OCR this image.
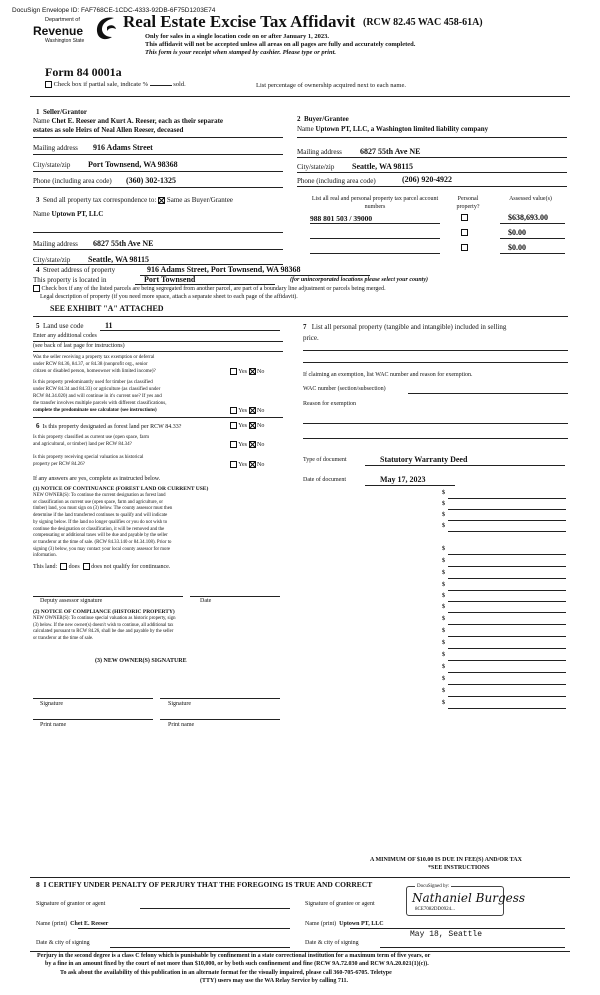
DocuSign Envelope ID: FAF768CE-1CDC-4333-92DB-6F75D1203E74
Department of
Revenue
Washington State
Real Estate Excise Tax Affidavit (RCW 82.45 WAC 458-61A)
Only for sales in a single location code on or after January 1, 2023.
This affidavit will not be accepted unless all areas on all pages are fully and accurately completed.
This form is your receipt when stamped by cashier. Please type or print.
Form 84 0001a
Check box if partial sale, indicate %	sold.	List percentage of ownership acquired next to each name.
1 Seller/Grantor
Name Chet E. Reeser and Kurt A. Reeser, each as their separate
estates as sole Heirs of Neal Allen Reeser, deceased
Mailing address 916 Adams Street
City/state/zip Port Townsend, WA 98368
Phone (including area code) (360) 302-1325
2 Buyer/Grantee
Name Uptown PT, LLC, a Washington limited liability company
Mailing address 6827 55th Ave NE
City/state/zip Seattle, WA 98115
Phone (including area code)	(206) 920-4922
3 Send all property tax correspondence to: Same as Buyer/Grantee
Name Uptown PT, LLC
Mailing address 6827 55th Ave NE
City/state/zip Seattle, WA 98115
List all real and personal property tax parcel account numbers
Personal property?
Assessed value(s)
988 801 503 / 39000	$638,693.00
$0.00
$0.00
4 Street address of property	916 Adams Street, Port Townsend, WA 98368
This property is located in	Port Townsend	(for unincorporated locations please select your county)
Check box if any of the listed parcels are being segregated from another parcel, are part of a boundary line adjustment or parcels being merged.
Legal description of property (if you need more space, attach a separate sheet to each page of the affidavit).
SEE EXHIBIT "A" ATTACHED
5 Land use code	11
Enter any additional codes
(see back of last page for instructions)
Was the seller receiving a property tax exemption or deferral
under RCW 84.36, 84.37, or 84.38 (nonprofit org., senior
citizen or disabled person, homeowner with limited income)?	Yes No
Is this property predominantly used for timber (as classified
under RCW 84.34 and 84.33) or agriculture (as classified under
RCW 84.34.020) and will continue in it's current use? If yes and
the transfer involves multiple parcels with different classifications,
complete the predominate use calculator (see instructions)	Yes No
6 Is this property designated as forest land per RCW 84.33?	Yes No
Is this property classified as current use (open space, farm
and agricultural, or timber) land per RCW 84.34?	Yes No
Is this property receiving special valuation as historical
property per RCW 84.26?	Yes No
If any answers are yes, complete as instructed below.
(1) NOTICE OF CONTINUANCE (FOREST LAND OR CURRENT USE)
NEW OWNER(S): To continue the current designation as forest land
or classification as current use (open space, farm and agriculture, or
timber) land, you must sign on (3) below. The county assessor must then
determine if the land transferred continues to qualify and will indicate
by signing below. If the land no longer qualifies or you do not wish to
continue the designation or classification, it will be removed and the
compensating or additional taxes will be due and payable by the seller
or transferor at the time of sale. (RCW 84.33.140 or 84.34.108). Prior to
signing (3) below, you may contact your local county assessor for more
information.
This land: does does not qualify for continuance.
Deputy assessor signature	Date
(2) NOTICE OF COMPLIANCE (HISTORIC PROPERTY)
NEW OWNER(S): To continue special valuation as historic property, sign
(3) below. If the new owner(s) doesn't wish to continue, all additional tax
calculated pursuant to RCW 84.26, shall be due and payable by the seller
or transferor at the time of sale.
(3) NEW OWNER(S) SIGNATURE
Signature	Signature
Print name	Print name
7 List all personal property (tangible and intangible) included in selling
price.
If claiming an exemption, list WAC number and reason for exemption.
WAC number (section/subsection)
Reason for exemption
Type of document	Statutory Warranty Deed
Date of document	May 17, 2023
$
$
$
$
$
$
$
$
$
$
$
$
$
$
$
$
$
$
A MINIMUM OF $10.00 IS DUE IN FEE(S) AND/OR TAX
*SEE INSTRUCTIONS
8 I CERTIFY UNDER PENALTY OF PERJURY THAT THE FOREGOING IS TRUE AND CORRECT
Signature of grantor or agent	Signature of grantee or agent
DocuSigned by:
Nathaniel Burgess
8CE7082DD0924...
Name (print) Chet E. Reeser	Name (print) Uptown PT, LLC
Date & city of signing	Date & city of signing
May 18, Seattle
Perjury in the second degree is a class C felony which is punishable by confinement in a state correctional institution for a maximum term of five years, or
by a fine in an amount fixed by the court of not more than $10,000, or by both such confinement and fine (RCW 9A.72.030 and RCW 9A.20.021(1)(c)).
To ask about the availability of this publication in an alternate format for the visually impaired, please call 360-705-6705. Teletype
(TTY) users may use the WA Relay Service by calling 711.
